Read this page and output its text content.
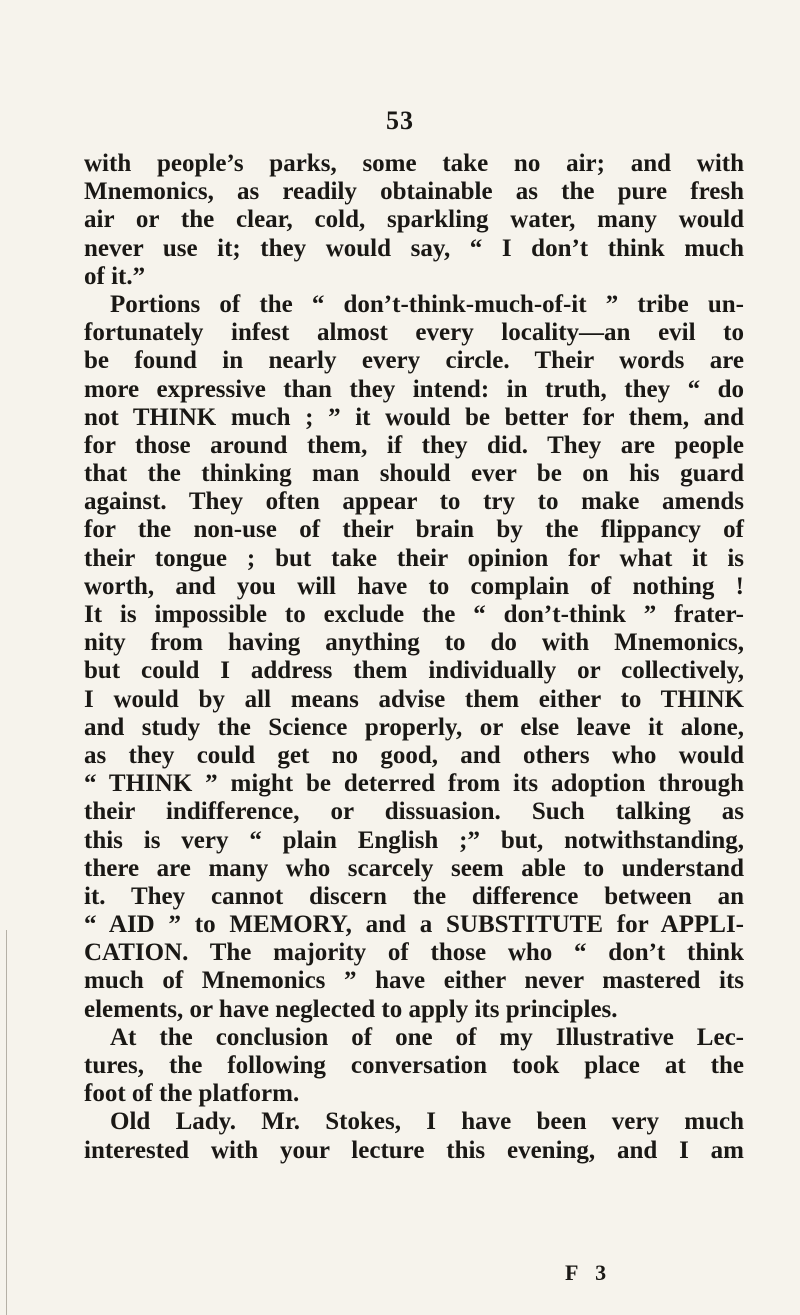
53
with people’s parks, some take no air; and with
Mnemonics, as readily obtainable as the pure fresh
air or the clear, cold, sparkling water, many would
never use it; they would say, “ I don’t think much
of it.”
Portions of the “ don’t-think-much-of-it ” tribe un-
fortunately infest almost every locality—an evil to
be found in nearly every circle. Their words are
more expressive than they intend: in truth, they “ do
not THINK much ; ” it would be better for them, and
for those around them, if they did. They are people
that the thinking man should ever be on his guard
against. They often appear to try to make amends
for the non-use of their brain by the flippancy of
their tongue ; but take their opinion for what it is
worth, and you will have to complain of nothing !
It is impossible to exclude the “ don’t-think ” frater-
nity from having anything to do with Mnemonics,
but could I address them individually or collectively,
I would by all means advise them either to THINK
and study the Science properly, or else leave it alone,
as they could get no good, and others who would
“ THINK ” might be deterred from its adoption through
their indifference, or dissuasion. Such talking as
this is very “ plain English ;” but, notwithstanding,
there are many who scarcely seem able to understand
it. They cannot discern the difference between an
“ AID ” to MEMORY, and a SUBSTITUTE for APPLI-
CATION. The majority of those who “ don’t think
much of Mnemonics ” have either never mastered its
elements, or have neglected to apply its principles.
At the conclusion of one of my Illustrative Lec-
tures, the following conversation took place at the
foot of the platform.
Old Lady. Mr. Stokes, I have been very much
interested with your lecture this evening, and I am
F 3
